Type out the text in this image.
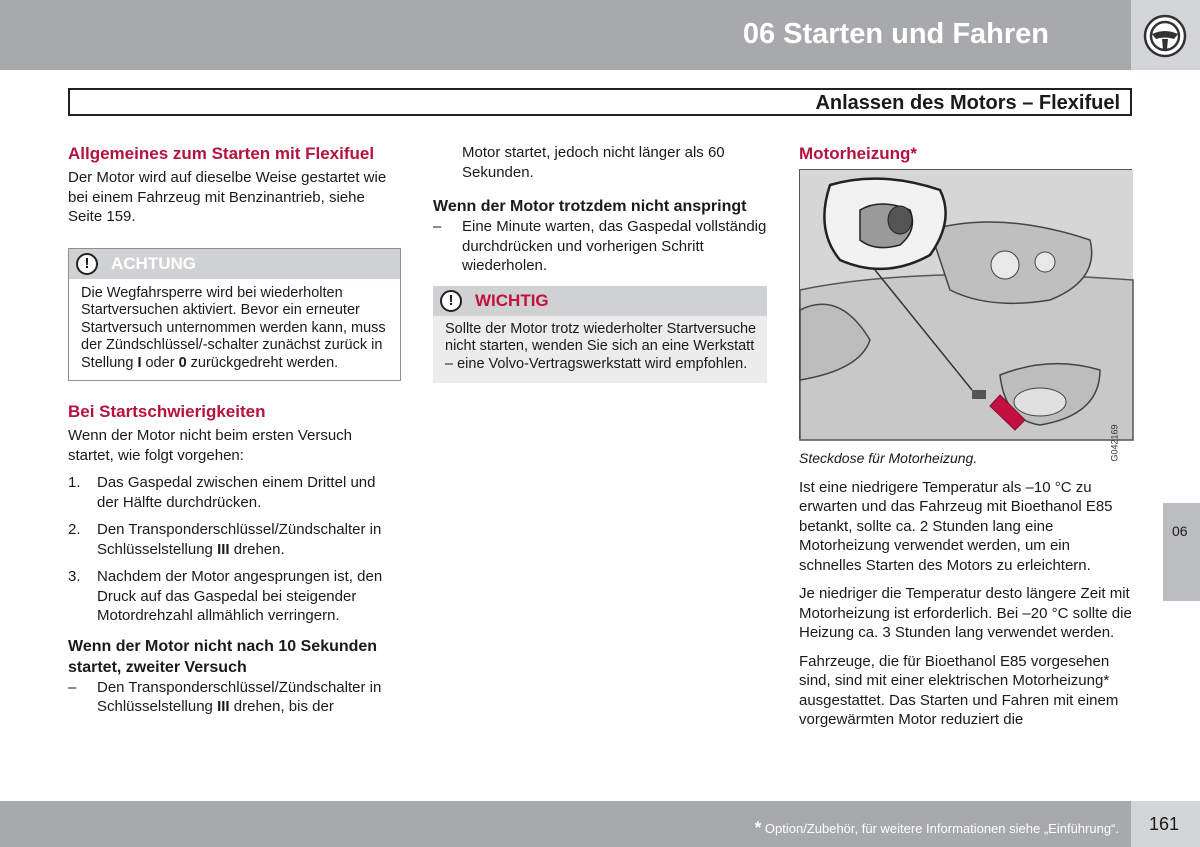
06 Starten und Fahren
Anlassen des Motors – Flexifuel
Allgemeines zum Starten mit Flexifuel

Der Motor wird auf dieselbe Weise gestartet wie bei einem Fahrzeug mit Benzinantrieb, siehe Seite 159.

!	ACHTUNG
Die Wegfahrsperre wird bei wiederholten Startversuchen aktiviert. Bevor ein erneuter Startversuch unternommen werden kann, muss der Zündschlüssel/-schalter zunächst zurück in Stellung I oder 0 zurückgedreht werden.
Bei Startschwierigkeiten

Wenn der Motor nicht beim ersten Versuch startet, wie folgt vorgehen:

1. Das Gaspedal zwischen einem Drittel und der Hälfte durchdrücken.
2. Den Transponderschlüssel/Zündschalter in Schlüsselstellung III drehen.
3. Nachdem der Motor angesprungen ist, den Druck auf das Gaspedal bei steigender Motordrehzahl allmählich verringern.
Wenn der Motor nicht nach 10 Sekunden startet, zweiter Versuch
– Den Transponderschlüssel/Zündschalter in Schlüsselstellung III drehen, bis der

Motor startet, jedoch nicht länger als 60 Sekunden.

Wenn der Motor trotzdem nicht anspringt
– Eine Minute warten, das Gaspedal vollständig durchdrücken und vorherigen Schritt wiederholen.
!	WICHTIG
Sollte der Motor trotz wiederholter Startversuche nicht starten, wenden Sie sich an eine Werkstatt – eine Volvo-Vertragswerkstatt wird empfohlen.
Motorheizung*
G042169

Steckdose für Motorheizung.

Ist eine niedrigere Temperatur als –10 °C zu erwarten und das Fahrzeug mit Bioethanol E85 betankt, sollte ca. 2 Stunden lang eine Motorheizung verwendet werden, um ein schnelles Starten des Motors zu erleichtern.

Je niedriger die Temperatur desto längere Zeit mit Motorheizung ist erforderlich. Bei –20 °C sollte die Heizung ca. 3 Stunden lang verwendet werden.

Fahrzeuge, die für Bioethanol E85 vorgesehen sind, sind mit einer elektrischen Motorheizung* ausgestattet. Das Starten und Fahren mit einem vorgewärmten Motor reduziert die

06
* Option/Zubehör, für weitere Informationen siehe „Einführung“. 161
